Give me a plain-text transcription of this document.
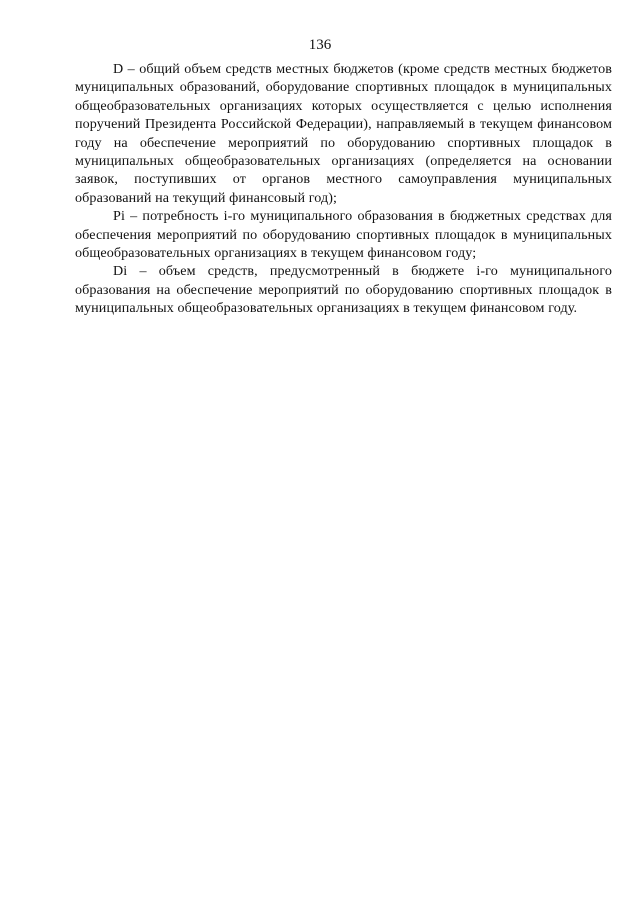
136

D – общий объем средств местных бюджетов (кроме средств местных бюджетов муниципальных образований, оборудование спортивных площадок в муниципальных общеобразовательных организациях которых осуществляется с целью исполнения поручений Президента Российской Федерации), направляемый в текущем финансовом году на обеспечение мероприятий по оборудованию спортивных площадок в муниципальных общеобразовательных организациях (определяется на основании заявок, поступивших от органов местного самоуправления муниципальных образований на текущий финансовый год);

Pi – потребность i-го муниципального образования в бюджетных средствах для обеспечения мероприятий по оборудованию спортивных площадок в муниципальных общеобразовательных организациях в текущем финансовом году;

Di – объем средств, предусмотренный в бюджете i-го муниципального образования на обеспечение мероприятий по оборудованию спортивных площадок в муниципальных общеобразовательных организациях в текущем финансовом году.
